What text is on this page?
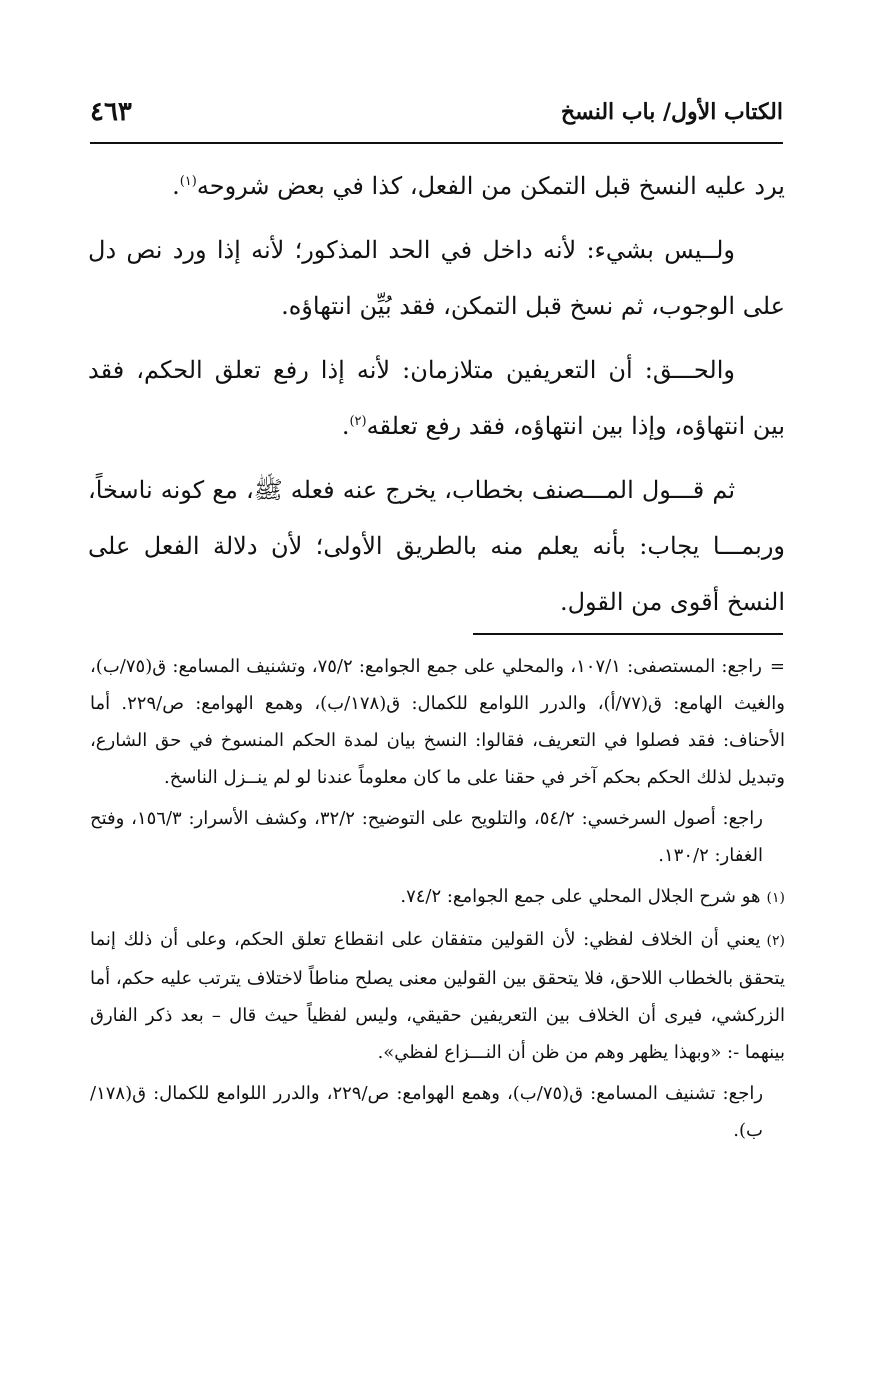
الكتاب الأول/ باب النسخ
٤٦٣

يرد عليه النسخ قبل التمكن من الفعل، كذا في بعض شروحه$^{(١)}$.

ولــيس بشيء: لأنه داخل في الحد المذكور؛ لأنه إذا ورد نص دل على الوجوب، ثم نسخ قبل التمكن، فقد بُيِّن انتهاؤه.

والحـــق: أن التعريفين متلازمان: لأنه إذا رفع تعلق الحكم، فقد بين انتهاؤه، وإذا بين انتهاؤه، فقد رفع تعلقه$^{(٢)}$.

ثم قـــول المـــصنف بخطاب، يخرج عنه فعله ﷺ، مع كونه ناسخاً، وربمـــا يجاب: بأنه يعلم منه بالطريق الأولى؛ لأن دلالة الفعل على النسخ أقوى من القول.

=راجع: المستصفى: ١٠٧/١، والمحلي على جمع الجوامع: ٧٥/٢، وتشنيف المسامع: ق(٧٥/ب)، والغيث الهامع: ق(٧٧/أ)، والدرر اللوامع للكمال: ق(١٧٨/ب)، وهمع الهوامع: ص/٢٢٩. أما الأحناف: فقد فصلوا في التعريف، فقالوا: النسخ بيان لمدة الحكم المنسوخ في حق الشارع، وتبديل لذلك الحكم بحكم آخر في حقنا على ما كان معلوماً عندنا لو لم ينــزل الناسخ.

راجع: أصول السرخسي: ٥٤/٢، والتلويح على التوضيح: ٣٢/٢، وكشف الأسرار: ١٥٦/٣، وفتح الغفار: ١٣٠/٢.

(١)هو شرح الجلال المحلي على جمع الجوامع: ٧٤/٢.

(٢)يعني أن الخلاف لفظي: لأن القولين متفقان على انقطاع تعلق الحكم، وعلى أن ذلك إنما يتحقق بالخطاب اللاحق، فلا يتحقق بين القولين معنى يصلح مناطاً لاختلاف يترتب عليه حكم، أما الزركشي، فيرى أن الخلاف بين التعريفين حقيقي، وليس لفظياً حيث قال – بعد ذكر الفارق بينهما -: «وبهذا يظهر وهم من ظن أن النـــزاع لفظي».

راجع: تشنيف المسامع: ق(٧٥/ب)، وهمع الهوامع: ص/٢٢٩، والدرر اللوامع للكمال: ق(١٧٨/ب).
